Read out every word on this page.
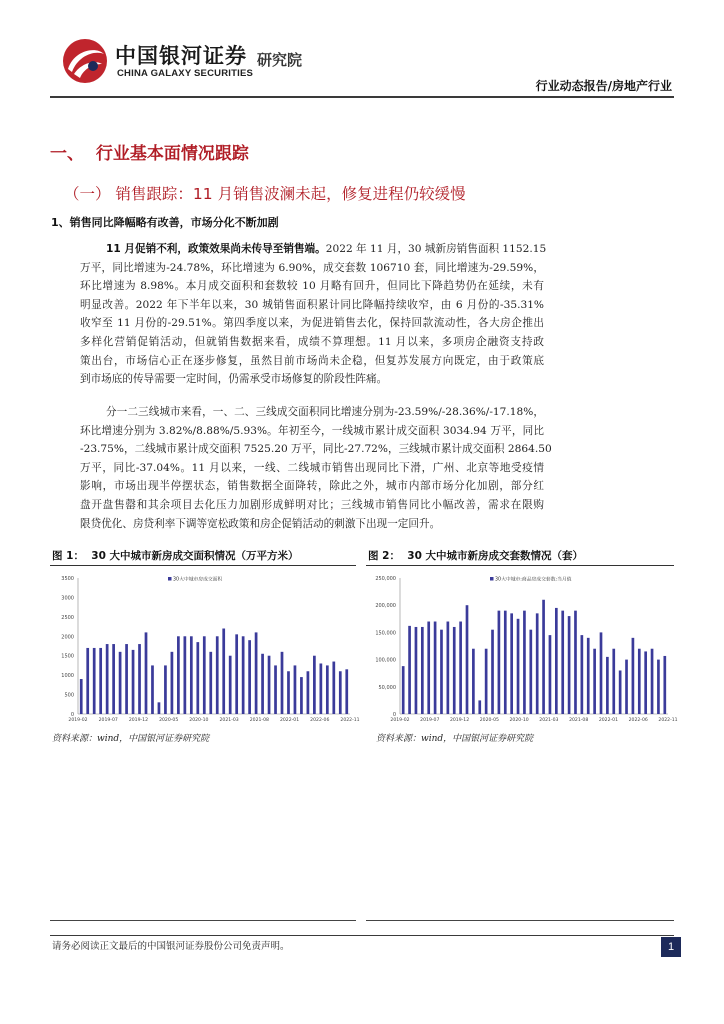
中国银河证券
CHINA GALAXY SECURITIES
研究院
行业动态报告/房地产行业
一、  行业基本面情况跟踪
（一） 销售跟踪：11 月销售波澜未起，修复进程仍较缓慢
1、销售同比降幅略有改善，市场分化不断加剧
11 月促销不利，政策效果尚未传导至销售端。2022 年 11 月，30 城新房销售面积 1152.15
万平，同比增速为-24.78%，环比增速为 6.90%，成交套数 106710 套，同比增速为-29.59%，
环比增速为 8.98%。本月成交面积和套数较 10 月略有回升，但同比下降趋势仍在延续，未有
明显改善。2022 年下半年以来，30 城销售面积累计同比降幅持续收窄，由 6 月份的-35.31%
收窄至 11 月份的-29.51%。第四季度以来，为促进销售去化，保持回款流动性，各大房企推出
多样化营销促销活动，但就销售数据来看，成绩不算理想。11 月以来，多项房企融资支持政
策出台，市场信心正在逐步修复，虽然目前市场尚未企稳，但复苏发展方向既定，由于政策底
到市场底的传导需要一定时间，仍需承受市场修复的阶段性阵痛。
分一二三线城市来看，一、二、三线成交面积同比增速分别为-23.59%/-28.36%/-17.18%，
环比增速分别为 3.82%/8.88%/5.93%。年初至今，一线城市累计成交面积 3034.94 万平，同比
-23.75%，二线城市累计成交面积 7525.20 万平，同比-27.72%，三线城市累计成交面积 2864.50
万平，同比-37.04%。11 月以来，一线、二线城市销售出现同比下滑，广州、北京等地受疫情
影响，市场出现半停摆状态，销售数据全面降转，除此之外，城市内部市场分化加剧，部分红
盘开盘售罄和其余项目去化压力加剧形成鲜明对比；三线城市销售同比小幅改善，需求在限购
限贷优化、房贷利率下调等宽松政策和房企促销活动的刺激下出现一定回升。
图 1：  30 大中城市新房成交面积情况（万平方米）	图 2：  30 大中城市新房成交套数情况（套）
3500
3000
2500
2000
1500
1000
500
0
2019-02 2019-07 2019-12 2020-05 2020-10 2021-03 2021-08 2022-01 2022-06 2022-11
30大中城市房成交面积	250,000
200,000
150,000
100,000
50,000
0
2019-02 2019-07 2019-12 2020-05 2020-10 2021-03 2021-08 2022-01 2022-06 2022-11
30大中城市:商品房成交套数:当月值
资料来源：wind，中国银河证券研究院	资料来源：wind，中国银河证券研究院
请务必阅读正文最后的中国银河证券股份公司免责声明。	1
